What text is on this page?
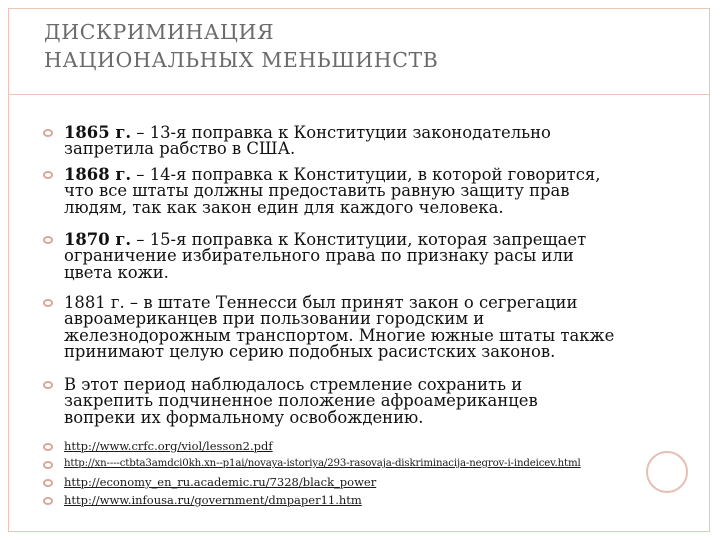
ДИСКРИМИНАЦИЯ
НАЦИОНАЛЬНЫХ МЕНЬШИНСТВ
1865 г. – 13-я поправка к Конституции законодательно
запретила рабство в США.
1868 г. – 14-я поправка к Конституции, в которой говорится,
что все штаты должны предоставить равную защиту прав
людям, так как закон един для каждого человека.
1870 г. – 15-я поправка к Конституции, которая запрещает
ограничение избирательного права по признаку расы или
цвета кожи.
1881 г. – в штате Теннесси был принят закон о сегрегации
авроамериканцев при пользовании городским и
железнодорожным транспортом. Многие южные штаты также
принимают целую серию подобных расистских законов.
В этот период наблюдалось стремление сохранить и
закрепить подчиненное положение афроамериканцев
вопреки их формальному освобождению.
http://www.crfc.org/viol/lesson2.pdf
http://xn----ctbta3amdci0kh.xn--p1ai/novaya-istoriya/293-rasovaja-diskriminacija-negrov-i-indeicev.html
http://economy_en_ru.academic.ru/7328/black_power
http://www.infousa.ru/government/dmpaper11.htm
